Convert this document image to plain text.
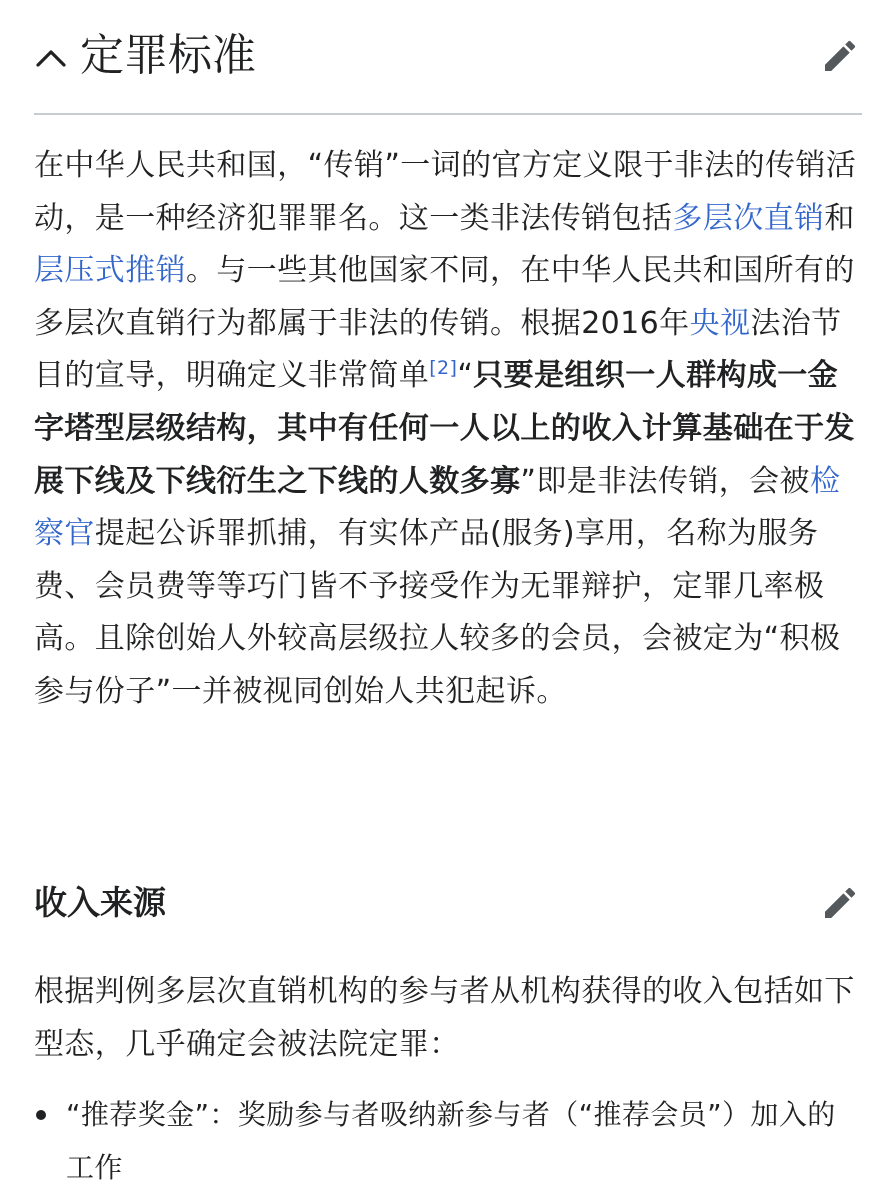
定罪标准

在中华人民共和国，“传销”一词的官方定义限于非法的传销活动，是一种经济犯罪罪名。这一类非法传销包括多层次直销和层压式推销。与一些其他国家不同，在中华人民共和国所有的多层次直销行为都属于非法的传销。根据2016年央视法治节目的宣导，明确定义非常简单[2]“只要是组织一人群构成一金字塔型层级结构，其中有任何一人以上的收入计算基础在于发展下线及下线衍生之下线的人数多寡”即是非法传销，会被检察官提起公诉罪抓捕，有实体产品(服务)享用，名称为服务费、会员费等等巧门皆不予接受作为无罪辩护，定罪几率极高。且除创始人外较高层级拉人较多的会员，会被定为“积极参与份子”一并被视同创始人共犯起诉。

收入来源

根据判例多层次直销机构的参与者从机构获得的收入包括如下型态，几乎确定会被法院定罪：

“推荐奖金”：奖励参与者吸纳新参与者（“推荐会员”）加入的工作
